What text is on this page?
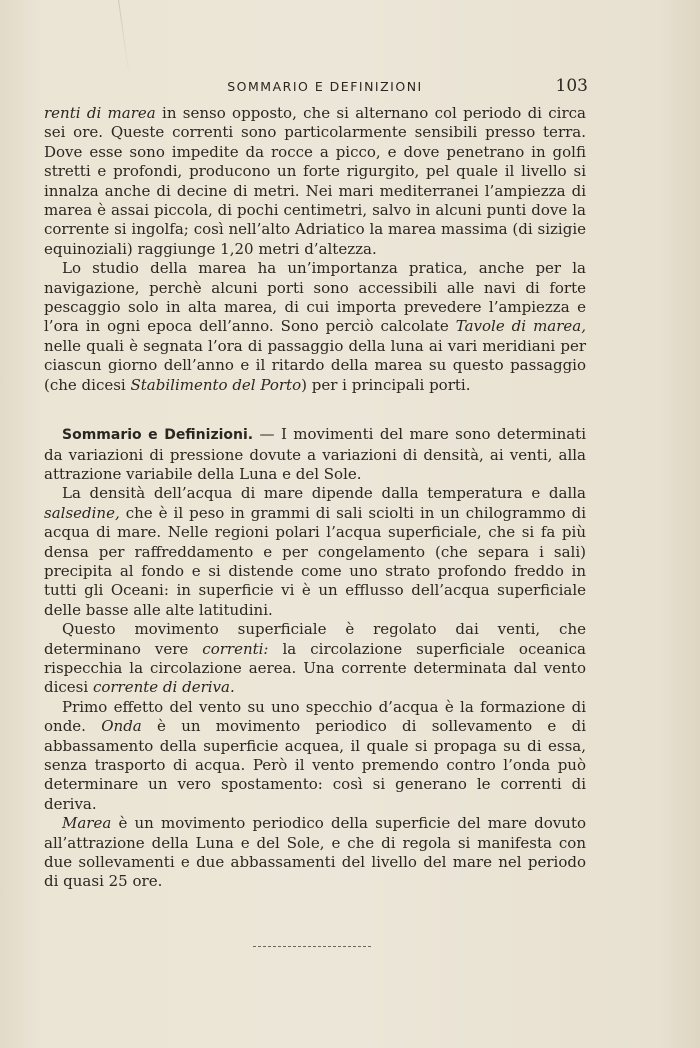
SOMMARIO E DEFINIZIONI	103

renti di marea in senso opposto, che si alternano col periodo di circa sei ore. Queste correnti sono particolarmente sensibili presso terra. Dove esse sono impedite da rocce a picco, e dove penetrano in golfi stretti e profondi, producono un forte rigurgito, pel quale il livello si innalza anche di decine di metri. Nei mari mediterranei l’ampiezza di marea è assai piccola, di pochi centimetri, salvo in alcuni punti dove la corrente si ingolfa; così nell’alto Adriatico la marea massima (di sizigie equinoziali) raggiunge 1,20 metri d’altezza.

Lo studio della marea ha un’importanza pratica, anche per la navigazione, perchè alcuni porti sono accessibili alle navi di forte pescaggio solo in alta marea, di cui importa prevedere l’ampiezza e l’ora in ogni epoca dell’anno. Sono perciò calcolate Tavole di marea, nelle quali è segnata l’ora di passaggio della luna ai vari meridiani per ciascun giorno dell’anno e il ritardo della marea su questo passaggio (che dicesi Stabilimento del Porto) per i principali porti.

Sommario e Definizioni. — I movimenti del mare sono determinati da variazioni di pressione dovute a variazioni di densità, ai venti, alla attrazione variabile della Luna e del Sole.

La densità dell’acqua di mare dipende dalla temperatura e dalla salsedine, che è il peso in grammi di sali sciolti in un chilogrammo di acqua di mare. Nelle regioni polari l’acqua superficiale, che si fa più densa per raffreddamento e per congelamento (che separa i sali) precipita al fondo e si distende come uno strato profondo freddo in tutti gli Oceani: in superficie vi è un efflusso dell’acqua superficiale delle basse alle alte latitudini.

Questo movimento superficiale è regolato dai venti, che determinano vere correnti: la circolazione superficiale oceanica rispecchia la circolazione aerea. Una corrente determinata dal vento dicesi corrente di deriva.

Primo effetto del vento su uno specchio d’acqua è la formazione di onde. Onda è un movimento periodico di sollevamento e di abbassamento della superficie acquea, il quale si propaga su di essa, senza trasporto di acqua. Però il vento premendo contro l’onda può determinare un vero spostamento: così si generano le correnti di deriva.

Marea è un movimento periodico della superficie del mare dovuto all’attrazione della Luna e del Sole, e che di regola si manifesta con due sollevamenti e due abbassamenti del livello del mare nel periodo di quasi 25 ore.
